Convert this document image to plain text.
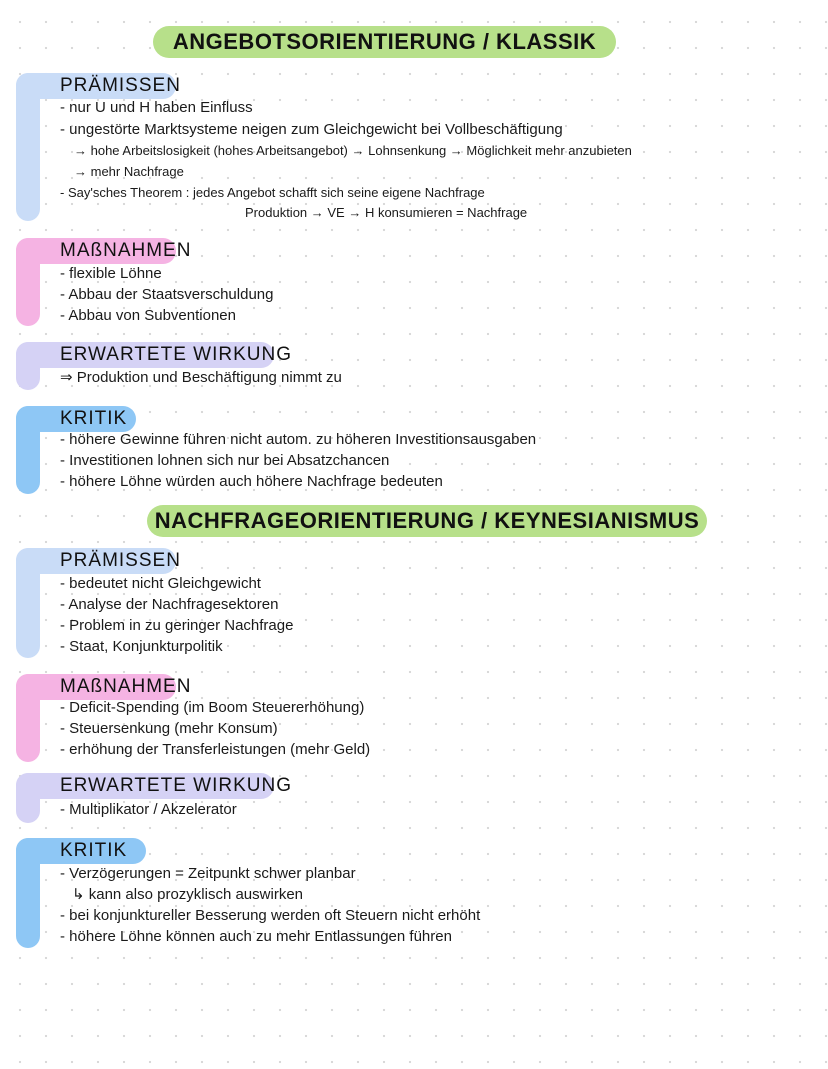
ANGEBOTSORIENTIERUNG / KLASSIK
PRÄMISSEN
- nur U und H haben Einfluss
- ungestörte Marktsysteme neigen zum Gleichgewicht bei Vollbeschäftigung
→ hohe Arbeitslosigkeit (hohes Arbeitsangebot) → Lohnsenkung → Möglichkeit mehr anzubieten
→ mehr Nachfrage
- Say'sches Theorem : jedes Angebot schafft sich seine eigene Nachfrage
Produktion → VE → H konsumieren = Nachfrage
MAßNAHMEN
- flexible Löhne
- Abbau der Staatsverschuldung
- Abbau von Subventionen
ERWARTETE WIRKUNG
⇒ Produktion und Beschäftigung nimmt zu
KRITIK
- höhere Gewinne führen nicht autom. zu höheren Investitionsausgaben
- Investitionen lohnen sich nur bei Absatzchancen
- höhere Löhne würden auch höhere Nachfrage bedeuten
NACHFRAGEORIENTIERUNG / KEYNESIANISMUS
PRÄMISSEN
- bedeutet nicht Gleichgewicht
- Analyse der Nachfragesektoren
- Problem in zu geringer Nachfrage
- Staat, Konjunkturpolitik
MAßNAHMEN
- Deficit-Spending (im Boom Steuererhöhung)
- Steuersenkung (mehr Konsum)
- erhöhung der Transferleistungen (mehr Geld)
ERWARTETE WIRKUNG
- Multiplikator / Akzelerator
KRITIK
- Verzögerungen = Zeitpunkt schwer planbar
↳ kann also prozyklisch auswirken
- bei konjunktureller Besserung werden oft Steuern nicht erhöht
- höhere Löhne können auch zu mehr Entlassungen führen
